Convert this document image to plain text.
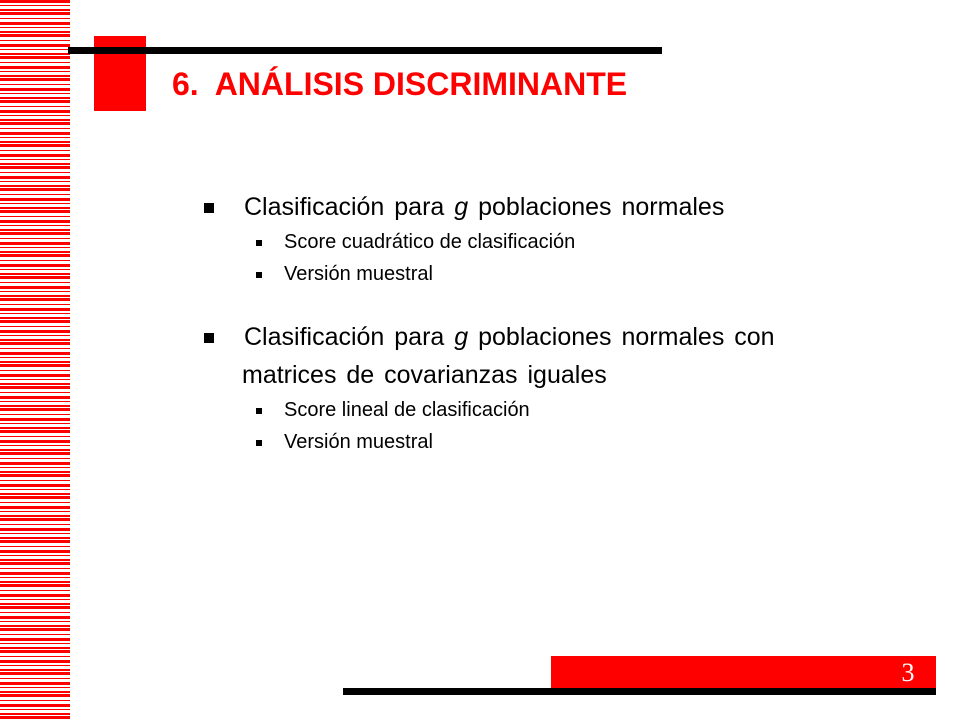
6. ANÁLISIS DISCRIMINANTE
Clasificación para g poblaciones normales
Score cuadrático de clasificación
Versión muestral
Clasificación para g poblaciones normales con
matrices de covarianzas iguales
Score lineal de clasificación
Versión muestral
3
